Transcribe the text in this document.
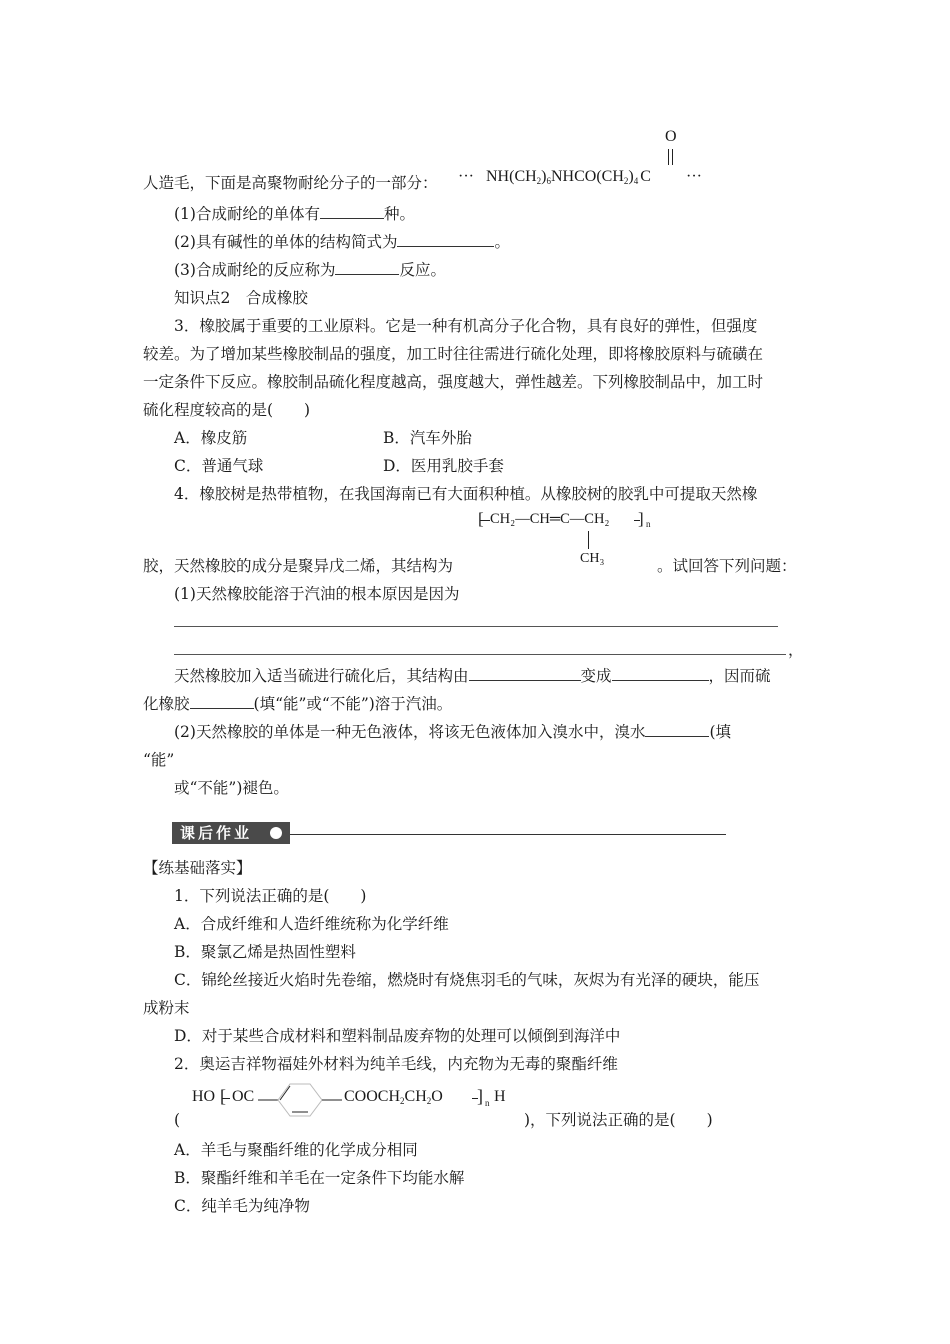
O
··· $NH(CH_2)_6NHCO(CH_2)_4$ C ···
人造毛，下面是高聚物耐纶分子的一部分：
(1)合成耐纶的单体有	种。
(2)具有碱性的单体的结构简式为	。
(3)合成耐纶的反应称为	反应。
知识点2　合成橡胶
3．橡胶属于重要的工业原料。它是一种有机高分子化合物，具有良好的弹性，但强度
较差。为了增加某些橡胶制品的强度，加工时往往需进行硫化处理，即将橡胶原料与硫磺在
一定条件下反应。橡胶制品硫化程度越高，强度越大，弹性越差。下列橡胶制品中，加工时
硫化程度较高的是(　　)
A．橡皮筋	B．汽车外胎
C．普通气球	D．医用乳胶手套
4．橡胶树是热带植物，在我国海南已有大面积种植。从橡胶树的胶乳中可提取天然橡
[ CH₂—CH═C—CH₂ ] n
CH₃
胶，天然橡胶的成分是聚异戊二烯，其结构为	。试回答下列问题：
(1)天然橡胶能溶于汽油的根本原因是因为
，
天然橡胶加入适当硫进行硫化后，其结构由	变成	，因而硫
化橡胶	(填“能”或“不能”)溶于汽油。
(2)天然橡胶的单体是一种无色液体，将该无色液体加入溴水中，溴水	(填
“能”
或“不能”)褪色。
课后作业
【练基础落实】
1．下列说法正确的是(　　)
A．合成纤维和人造纤维统称为化学纤维
B．聚氯乙烯是热固性塑料
C．锦纶丝接近火焰时先卷缩，燃烧时有烧焦羽毛的气味，灰烬为有光泽的硬块，能压
成粉末
D．对于某些合成材料和塑料制品废弃物的处理可以倾倒到海洋中
2．奥运吉祥物福娃外材料为纯羊毛线，内充物为无毒的聚酯纤维
HO [ OC	$COOCH_2CH_2O$ ] n H
(	)，下列说法正确的是(　　)
A．羊毛与聚酯纤维的化学成分相同
B．聚酯纤维和羊毛在一定条件下均能水解
C．纯羊毛为纯净物
